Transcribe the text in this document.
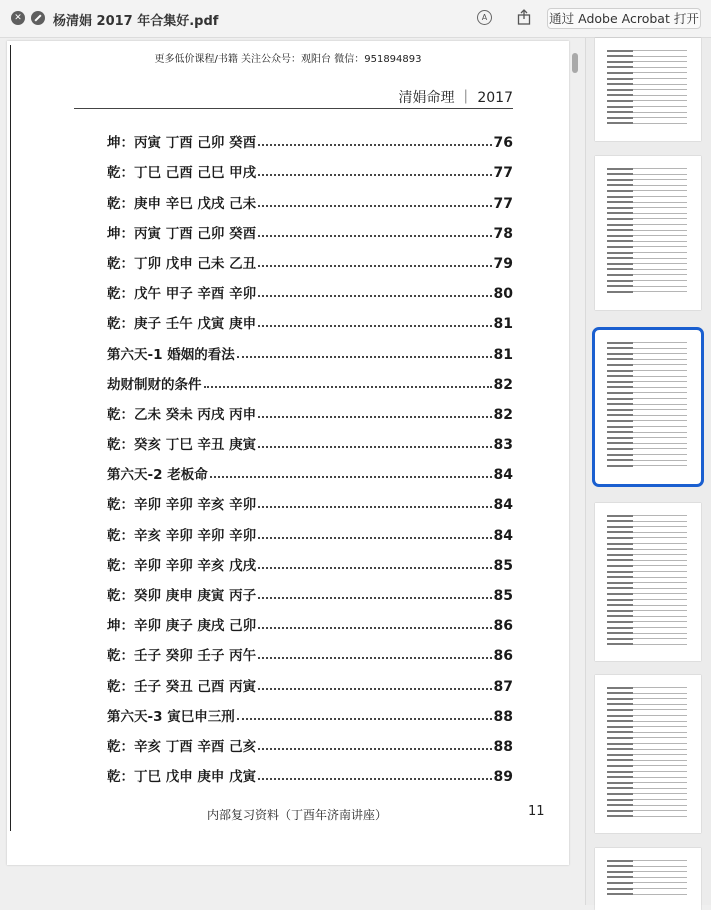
✕ 杨清娟 2017 年合集好.pdf	A	通过 Adobe Acrobat 打开
更多低价课程/书籍 关注公众号：观阳台 微信：951894893
清娟命理 ｜ 2017
坤：丙寅 丁酉 己卯 癸酉	76
乾：丁巳 己酉 己巳 甲戌	77
乾：庚申 辛巳 戊戌 己未	77
坤：丙寅 丁酉 己卯 癸酉	78
乾：丁卯 戊申 己未 乙丑	79
乾：戊午 甲子 辛酉 辛卯	80
乾：庚子 壬午 戊寅 庚申	81
第六天-1 婚姻的看法	81
劫财制财的条件	82
乾：乙未 癸未 丙戌 丙申	82
乾：癸亥 丁巳 辛丑 庚寅	83
第六天-2 老板命	84
乾：辛卯 辛卯 辛亥 辛卯	84
乾：辛亥 辛卯 辛卯 辛卯	84
乾：辛卯 辛卯 辛亥 戊戌	85
乾：癸卯 庚申 庚寅 丙子	85
坤：辛卯 庚子 庚戌 己卯	86
乾：壬子 癸卯 壬子 丙午	86
乾：壬子 癸丑 己酉 丙寅	87
第六天-3 寅巳申三刑	88
乾：辛亥 丁酉 辛酉 己亥	88
乾：丁巳 戊申 庚申 戊寅	89
内部复习资料（丁酉年济南讲座）	11
